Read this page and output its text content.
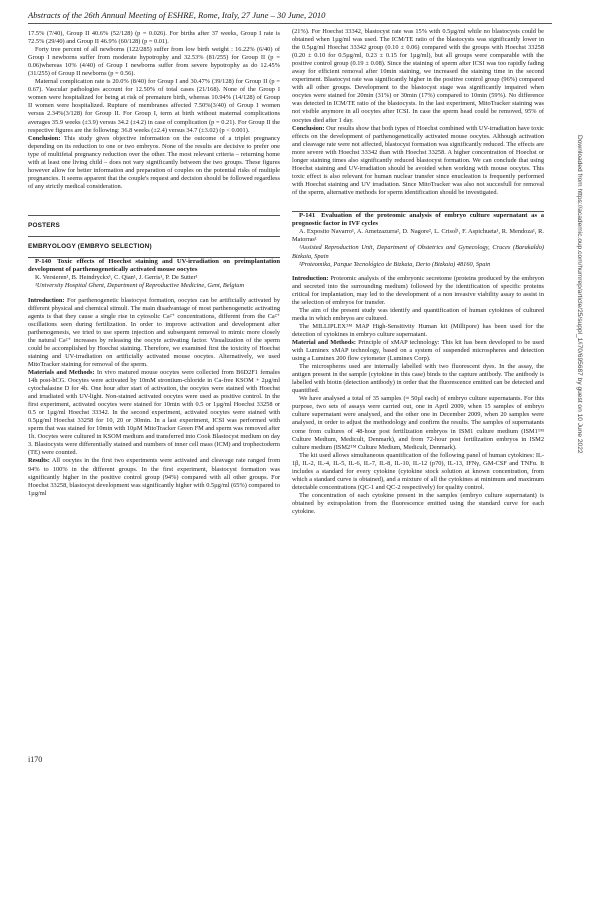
Abstracts of the 26th Annual Meeting of ESHRE, Rome, Italy, 27 June – 30 June, 2010

17.5% (7/40), Group II 40.6% (52/128) (p = 0.026). For births after 37 weeks, Group I rate is 72.5% (29/40) and Group II 46.9% (60/128) (p = 0.01).

Forty tree percent of all newborns (122/285) suffer from low birth weight : 16.22% (6/40) of Group I newborns suffer from moderate hypotrophy and 32.53% (81/255) for Group II (p = 0.06)whereas 10% (4/40) of Group I newborns suffer from severe hypotrophy as do 12.45% (31/255) of Group II newborns (p = 0.56).

Maternal complication rate is 20.0% (8/40) for Group I and 30.47% (39/128) for Group II (p = 0.67). Vascular pathologies account for 12.50% of total cases (21/168). None of the Group I women were hospitalized for being at risk of premature birth, whereas 10.94% (14/128) of Group II women were hospitalized. Rupture of membranes affected 7.50%(3/40) of Group I women versus 2.34%(3/128) for Group II. For Group I, term at birth without maternal complications averages 35.9 weeks (±3.9) versus 34.2 (±4.2) in case of complication (p = 0.21). For Group II the respective figures are the following: 36.8 weeks (±2.4) versus 34.7 (±3.02) (p < 0.001).

Conclusion: This study gives objective information on the outcome of a triplet pregnancy depending on its reduction to one or two embryos. None of the results are decisive to prefer one type of multifetal pregnancy reduction over the other. The most relevant criteria – returning home with at least one living child – does not vary significantly between the two groups. These figures however allow for better information and preparation of couples on the potential risks of multiple pregnancies. It seems apparent that the couple's request and decision should be followed regardless of any strictly medical consideration.

POSTERS
EMBRYOLOGY (EMBRYO SELECTION)

P-140 Toxic effects of Hoechst staining and UV-irradiation on preimplantation development of parthenogenetically activated mouse oocytes

K. Versieren¹, B. Heindryckx¹, C. Qian¹, J. Gerris¹, P. De Sutter¹

¹University Hospital Ghent, Department of Reproductive Medicine, Gent, Belgium

Introduction: For parthenogenetic blastocyst formation, oocytes can be artificially activated by different physical and chemical stimuli. The main disadvantage of most parthenogenetic activating agents is that they cause a single rise in cytosolic Ca²⁺ concentrations, different from the Ca²⁺ oscillations seen during fertilization. In order to improve activation and development after parthenogenesis, we tried to use sperm injection and subsequent removal to mimic more closely the natural Ca²⁺ increases by releasing the oocyte activating factor. Visualization of the sperm could be accomplished by Hoechst staining. Therefore, we examined first the toxicity of Hoechst staining and UV-irradiation on artificially activated mouse oocytes. Alternatively, we used MitoTracker staining for removal of the sperm.

Materials and Methods: In vivo matured mouse oocytes were collected from B6D2F1 females 14h post-hCG. Oocytes were activated by 10mM strontium-chloride in Ca-free KSOM + 2µg/ml cytochalasine D for 4h. One hour after start of activation, the oocytes were stained with Hoechst and irradiated with UV-light. Non-stained activated oocytes were used as positive control. In the first experiment, activated oocytes were stained for 10min with 0.5 or 1µg/ml Hoechst 33258 or 0.5 or 1µg/ml Hoechst 33342. In the second experiment, activated oocytes were stained with 0.5µg/ml Hoechst 33258 for 10, 20 or 30min. In a last experiment, ICSI was performed with sperm that was stained for 10min with 10µM MitoTracker Green FM and sperm was removed after 1h. Oocytes were cultured in KSOM medium and transferred into Cook Blastocyst medium on day 3. Blastocysts were differentially stained and numbers of inner cell mass (ICM) and trophectoderm (TE) were counted.

Results: All oocytes in the first two experiments were activated and cleavage rate ranged from 94% to 100% in the different groups. In the first experiment, blastocyst formation was significantly higher in the positive control group (94%) compared with all other groups. For Hoechst 33258, blastocyst development was significantly higher with 0.5µg/ml (65%) compared to 1µg/ml

(21%). For Hoechst 33342, blastocyst rate was 15% with 0.5µg/ml while no blastocysts could be obtained when 1µg/ml was used. The ICM/TE ratio of the blastocysts was significantly lower in the 0.5µg/ml Hoechst 33342 group (0.10 ± 0.06) compared with the groups with Hoechst 33258 (0.20 ± 0.10 for 0.5µg/ml, 0.23 ± 0.15 for 1µg/ml), but all groups were comparable with the positive control group (0.19 ± 0.08). Since the staining of sperm after ICSI was too rapidly fading away for efficient removal after 10min staining, we increased the staining time in the second experiment. Blastocyst rate was significantly higher in the positive control group (96%) compared with all other groups. Development to the blastocyst stage was significantly impaired when oocytes were stained for 20min (31%) or 30min (17%) compared to 10min (59%). No difference was detected in ICM/TE ratio of the blastocysts. In the last experiment, MitoTracker staining was not visible anymore in all oocytes after ICSI. In case the sperm head could be removed, 95% of oocytes died after 1 day.

Conclusion: Our results show that both types of Hoechst combined with UV-irradiation have toxic effects on the development of parthenogenetically activated mouse oocytes. Although activation and cleavage rate were not affected, blastocyst formation was significantly reduced. The effects are more severe with Hoechst 33342 than with Hoechst 33258. A higher concentration of Hoechst or longer staining times also significantly reduced blastocyst formation. We can conclude that using Hoechst staining and UV-irradiation should be avoided when working with mouse oocytes. This toxic effect is also relevant for human nuclear transfer since enucleation is frequently performed with Hoechst staining and UV irradiation. Since MitoTracker was also not succesfull for removal of the sperm, alternative methods for sperm identification should be investigated.

P-141 Evaluation of the proteomic analysis of embryo culture supernatant as a prognostic factor in IVF cycles

A. Exposito Navarro¹, A. Ametzazurra², D. Nagore², L. Crisol¹, F. Aspichueta¹, R. Mendoza¹, R. Matorras¹

¹Assisted Reproduction Unit, Department of Obstetrics and Gynecology, Cruces (Barakaldo) Bizkaia, Spain

²Proteomika, Parque Tecnológico de Bizkaia, Derio (Bizkaia) 48160, Spain

Introduction: Proteomic analysis of the embryonic secretome (proteins produced by the embryon and secreted into the surrounding medium) followed by the identification of specific proteins critical for implantation, may led to the development of a non invasive viability assay to assist in the selection of embryos for transfer.

The aim of the present study was identify and quantification of human cytokines of cultured media in which embryos are cultured.

The MILLIPLEX™ MAP High-Sensitivity Human kit (Millipore) has been used for the detection of cytokines in embryo culture supernatant.

Material and Methods: Principle of xMAP technology: This kit has been developed to be used with Luminex xMAP technology, based on a system of suspended microspheres and detection using a Luminex 200 flow cytometer (Luminex Corp).

The microspheres used are internally labelled with two fluorescent dyes. In the assay, the antigen present in the sample (cytokine in this case) binds to the capture antibody. The antibody is labelled with biotin (detection antibody) in order that the fluorescence emitted can be detected and quantified.

We have analysed a total of 35 samples (≈ 50µl each) of embryo culture supernatants. For this purpose, two sets of assays were carried out, one in April 2009, when 15 samples of embryo culture supernatant were analysed, and the other one in December 2009, when 20 samples were analysed, in order to adjust the methodology and confirm the results. The samples of supernatants come from cultures of 48-hour post fertilization embryos in ISM1 culture medium (ISM1™ Culture Medium, Medicult, Denmark), and from 72-hour post fertilization embryos in ISM2 culture medium (ISM2™ Culture Medium, Medicult, Denmark).

The kit used allows simultaneous quantification of the following panel of human cytokines: IL-1β, IL-2, IL-4, IL-5, IL-6, IL-7, IL-8, IL-10, IL-12 (p70), IL-13, IFNγ, GM-CSF and TNFα. It includes a standard for every cytokine (cytokine stock solution at known concentration, from which a standard curve is obtained), and a mixture of all the cytokines at minimum and maximum detectable concentrations (QC-1 and QC-2 respectively) for quality control.

The concentration of each cytokine present in the samples (embryo culture supernatant) is obtained by extrapolation from the fluorescence emitted using the standard curve for each cytokine.

i170
Downloaded from https://academic.oup.com/humrep/article/25/suppl_1/i70/695687 by guest on 10 June 2022
